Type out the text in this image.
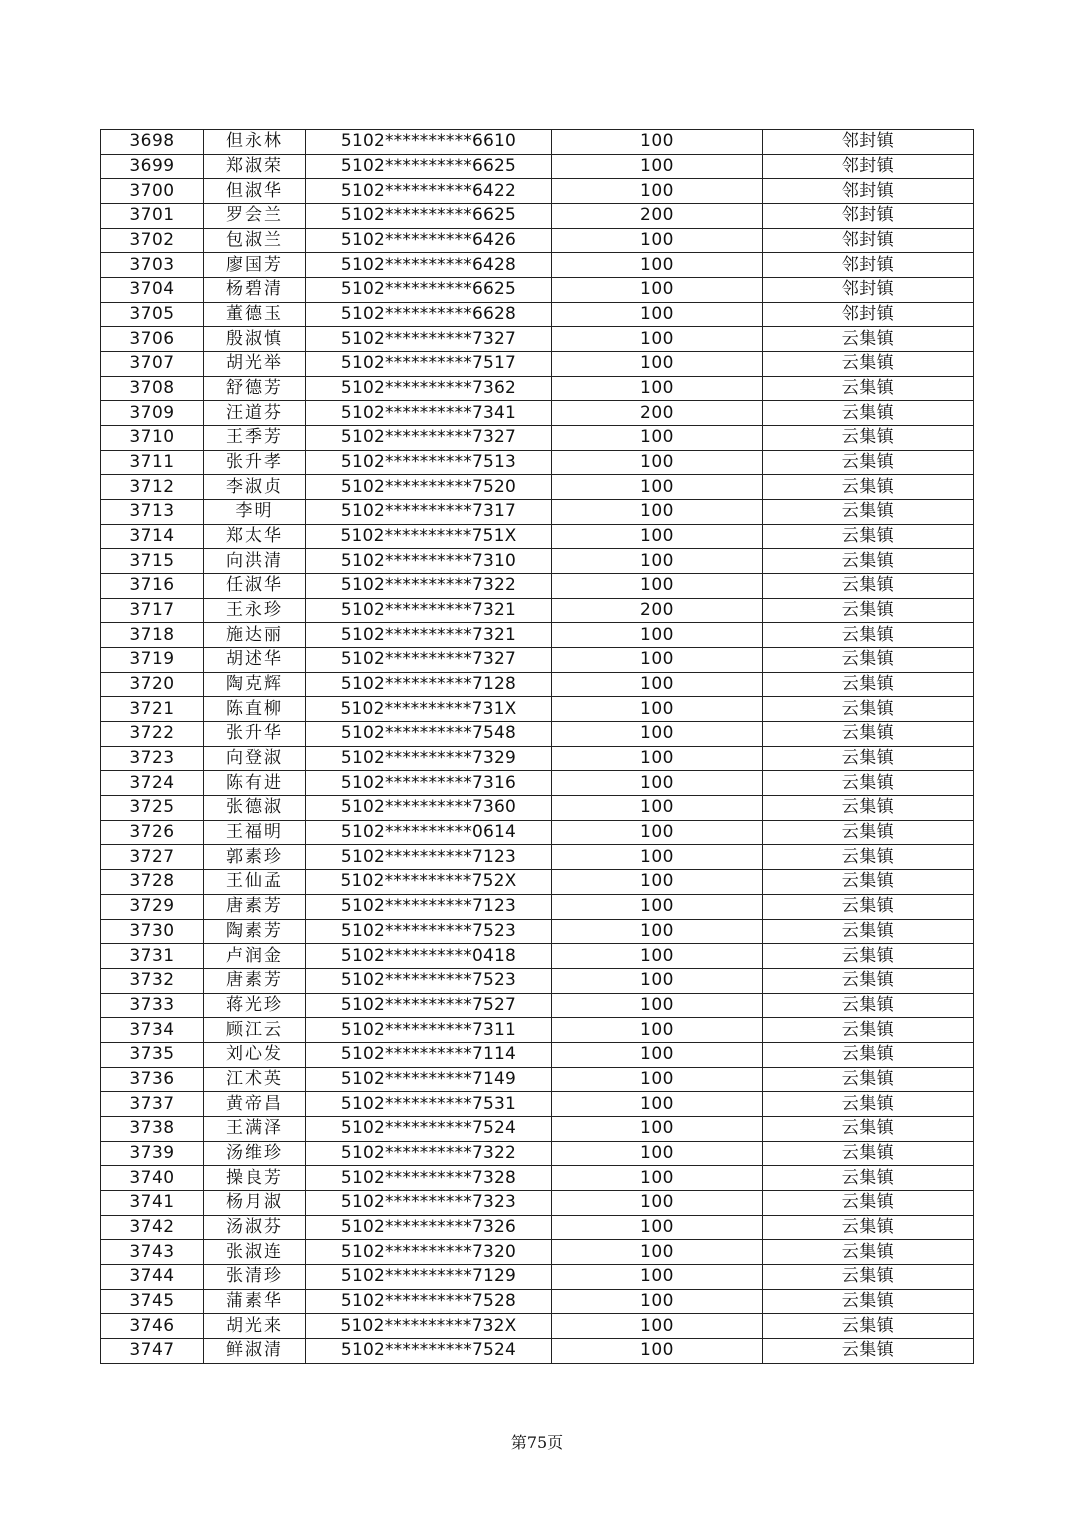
3698	但永林	5102**********6610	100	邻封镇
3699	郑淑荣	5102**********6625	100	邻封镇
3700	但淑华	5102**********6422	100	邻封镇
3701	罗会兰	5102**********6625	200	邻封镇
3702	包淑兰	5102**********6426	100	邻封镇
3703	廖国芳	5102**********6428	100	邻封镇
3704	杨碧清	5102**********6625	100	邻封镇
3705	董德玉	5102**********6628	100	邻封镇
3706	殷淑慎	5102**********7327	100	云集镇
3707	胡光举	5102**********7517	100	云集镇
3708	舒德芳	5102**********7362	100	云集镇
3709	汪道芬	5102**********7341	200	云集镇
3710	王季芳	5102**********7327	100	云集镇
3711	张升孝	5102**********7513	100	云集镇
3712	李淑贞	5102**********7520	100	云集镇
3713	李明	5102**********7317	100	云集镇
3714	郑太华	5102**********751X	100	云集镇
3715	向洪清	5102**********7310	100	云集镇
3716	任淑华	5102**********7322	100	云集镇
3717	王永珍	5102**********7321	200	云集镇
3718	施达丽	5102**********7321	100	云集镇
3719	胡述华	5102**********7327	100	云集镇
3720	陶克辉	5102**********7128	100	云集镇
3721	陈直柳	5102**********731X	100	云集镇
3722	张升华	5102**********7548	100	云集镇
3723	向登淑	5102**********7329	100	云集镇
3724	陈有进	5102**********7316	100	云集镇
3725	张德淑	5102**********7360	100	云集镇
3726	王福明	5102**********0614	100	云集镇
3727	郭素珍	5102**********7123	100	云集镇
3728	王仙孟	5102**********752X	100	云集镇
3729	唐素芳	5102**********7123	100	云集镇
3730	陶素芳	5102**********7523	100	云集镇
3731	卢润金	5102**********0418	100	云集镇
3732	唐素芳	5102**********7523	100	云集镇
3733	蒋光珍	5102**********7527	100	云集镇
3734	顾江云	5102**********7311	100	云集镇
3735	刘心发	5102**********7114	100	云集镇
3736	江术英	5102**********7149	100	云集镇
3737	黄帝昌	5102**********7531	100	云集镇
3738	王满泽	5102**********7524	100	云集镇
3739	汤维珍	5102**********7322	100	云集镇
3740	操良芳	5102**********7328	100	云集镇
3741	杨月淑	5102**********7323	100	云集镇
3742	汤淑芬	5102**********7326	100	云集镇
3743	张淑连	5102**********7320	100	云集镇
3744	张清珍	5102**********7129	100	云集镇
3745	蒲素华	5102**********7528	100	云集镇
3746	胡光来	5102**********732X	100	云集镇
3747	鲜淑清	5102**********7524	100	云集镇
第75页
